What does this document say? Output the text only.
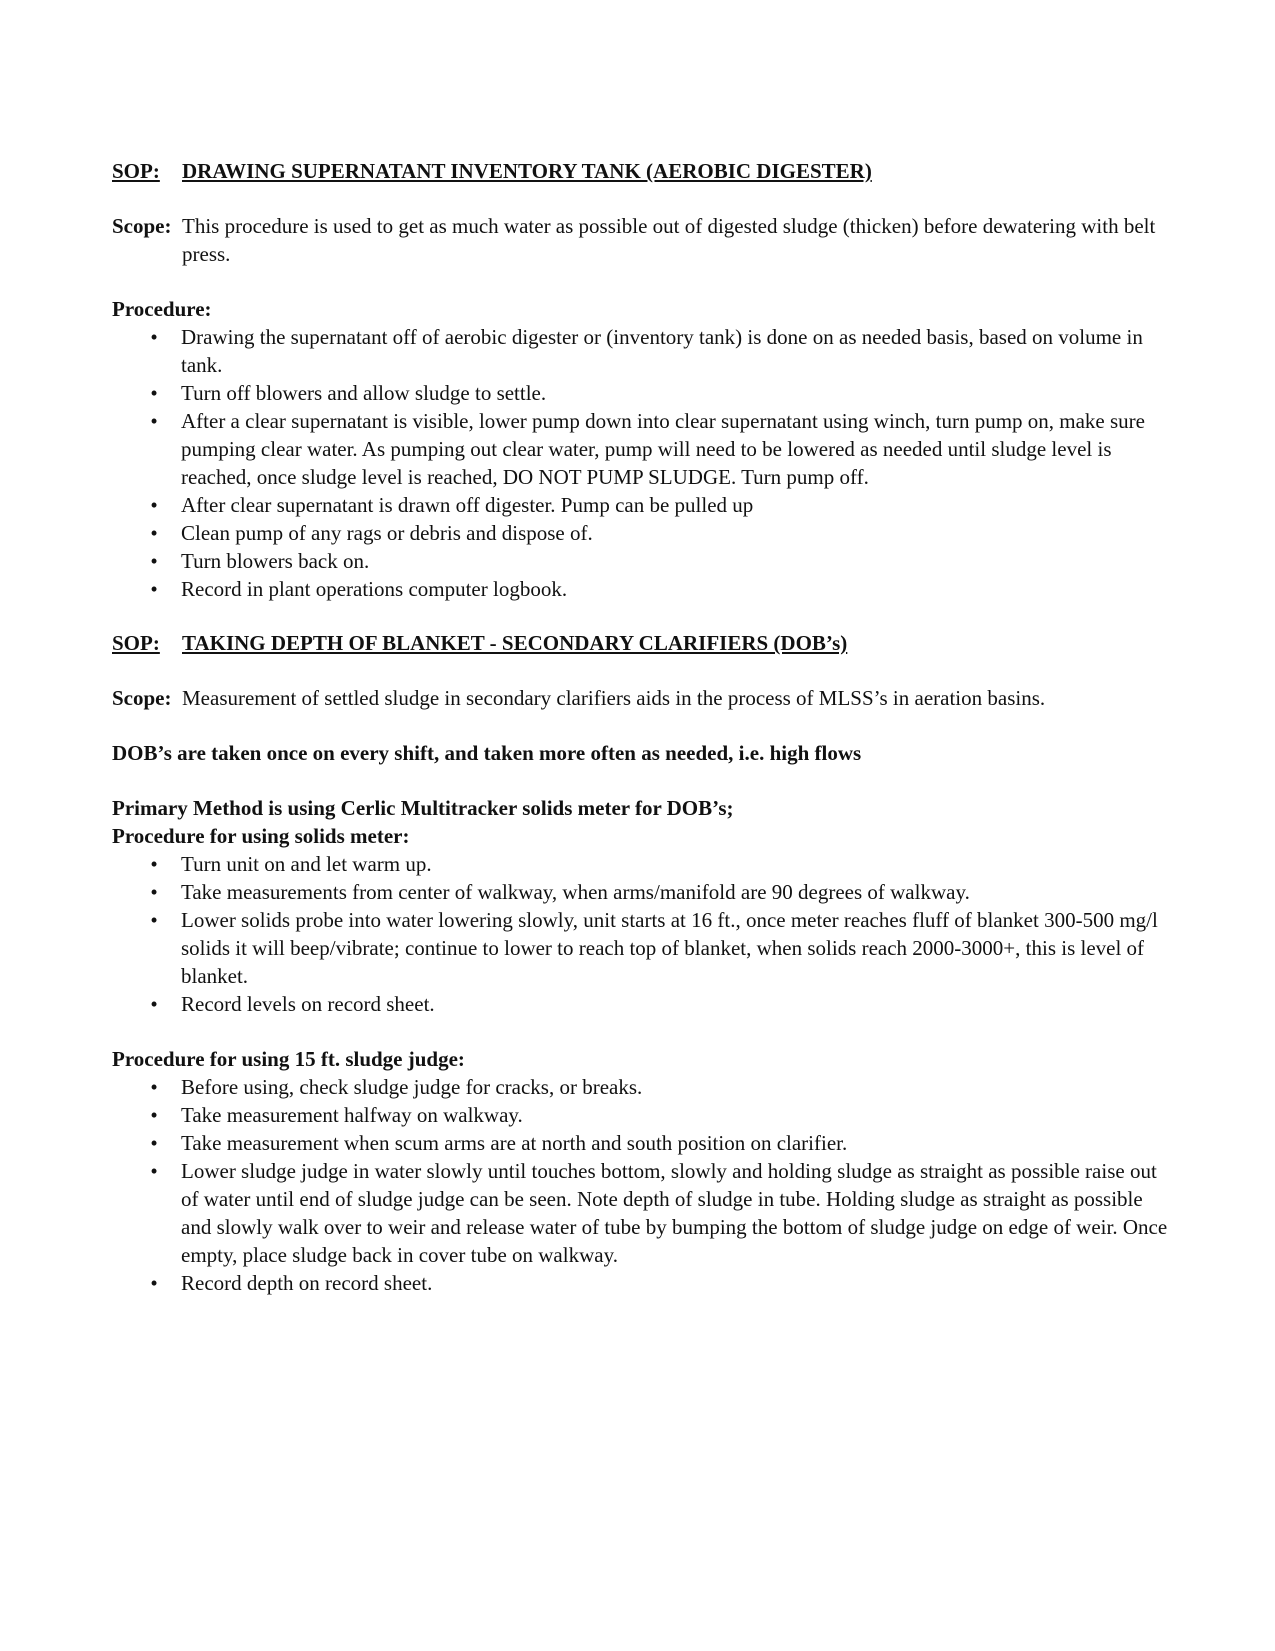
SOP:	DRAWING SUPERNATANT INVENTORY TANK (AEROBIC DIGESTER)
Scope: This procedure is used to get as much water as possible out of digested sludge (thicken) before dewatering with belt press.

Procedure:

•	Drawing the supernatant off of aerobic digester or (inventory tank) is done on as needed basis, based on volume in tank.
•	Turn off blowers and allow sludge to settle.
•	After a clear supernatant is visible, lower pump down into clear supernatant using winch, turn pump on, make sure pumping clear water. As pumping out clear water, pump will need to be lowered as needed until sludge level is reached, once sludge level is reached, DO NOT PUMP SLUDGE. Turn pump off.
•	After clear supernatant is drawn off digester. Pump can be pulled up
•	Clean pump of any rags or debris and dispose of.
•	Turn blowers back on.
•	Record in plant operations computer logbook.
SOP:	TAKING DEPTH OF BLANKET - SECONDARY CLARIFIERS (DOB’s)
Scope: Measurement of settled sludge in secondary clarifiers aids in the process of MLSS’s in aeration basins.

DOB’s are taken once on every shift, and taken more often as needed, i.e. high flows

Primary Method is using Cerlic Multitracker solids meter for DOB’s;

Procedure for using solids meter:

•	Turn unit on and let warm up.
•	Take measurements from center of walkway, when arms/manifold are 90 degrees of walkway.
•	Lower solids probe into water lowering slowly, unit starts at 16 ft., once meter reaches fluff of blanket 300-500 mg/l solids it will beep/vibrate; continue to lower to reach top of blanket, when solids reach 2000-3000+, this is level of blanket.
•	Record levels on record sheet.

Procedure for using 15 ft. sludge judge:

•	Before using, check sludge judge for cracks, or breaks.
•	Take measurement halfway on walkway.
•	Take measurement when scum arms are at north and south position on clarifier.
•	Lower sludge judge in water slowly until touches bottom, slowly and holding sludge as straight as possible raise out of water until end of sludge judge can be seen. Note depth of sludge in tube. Holding sludge as straight as possible and slowly walk over to weir and release water of tube by bumping the bottom of sludge judge on edge of weir. Once empty, place sludge back in cover tube on walkway.
•	Record depth on record sheet.
